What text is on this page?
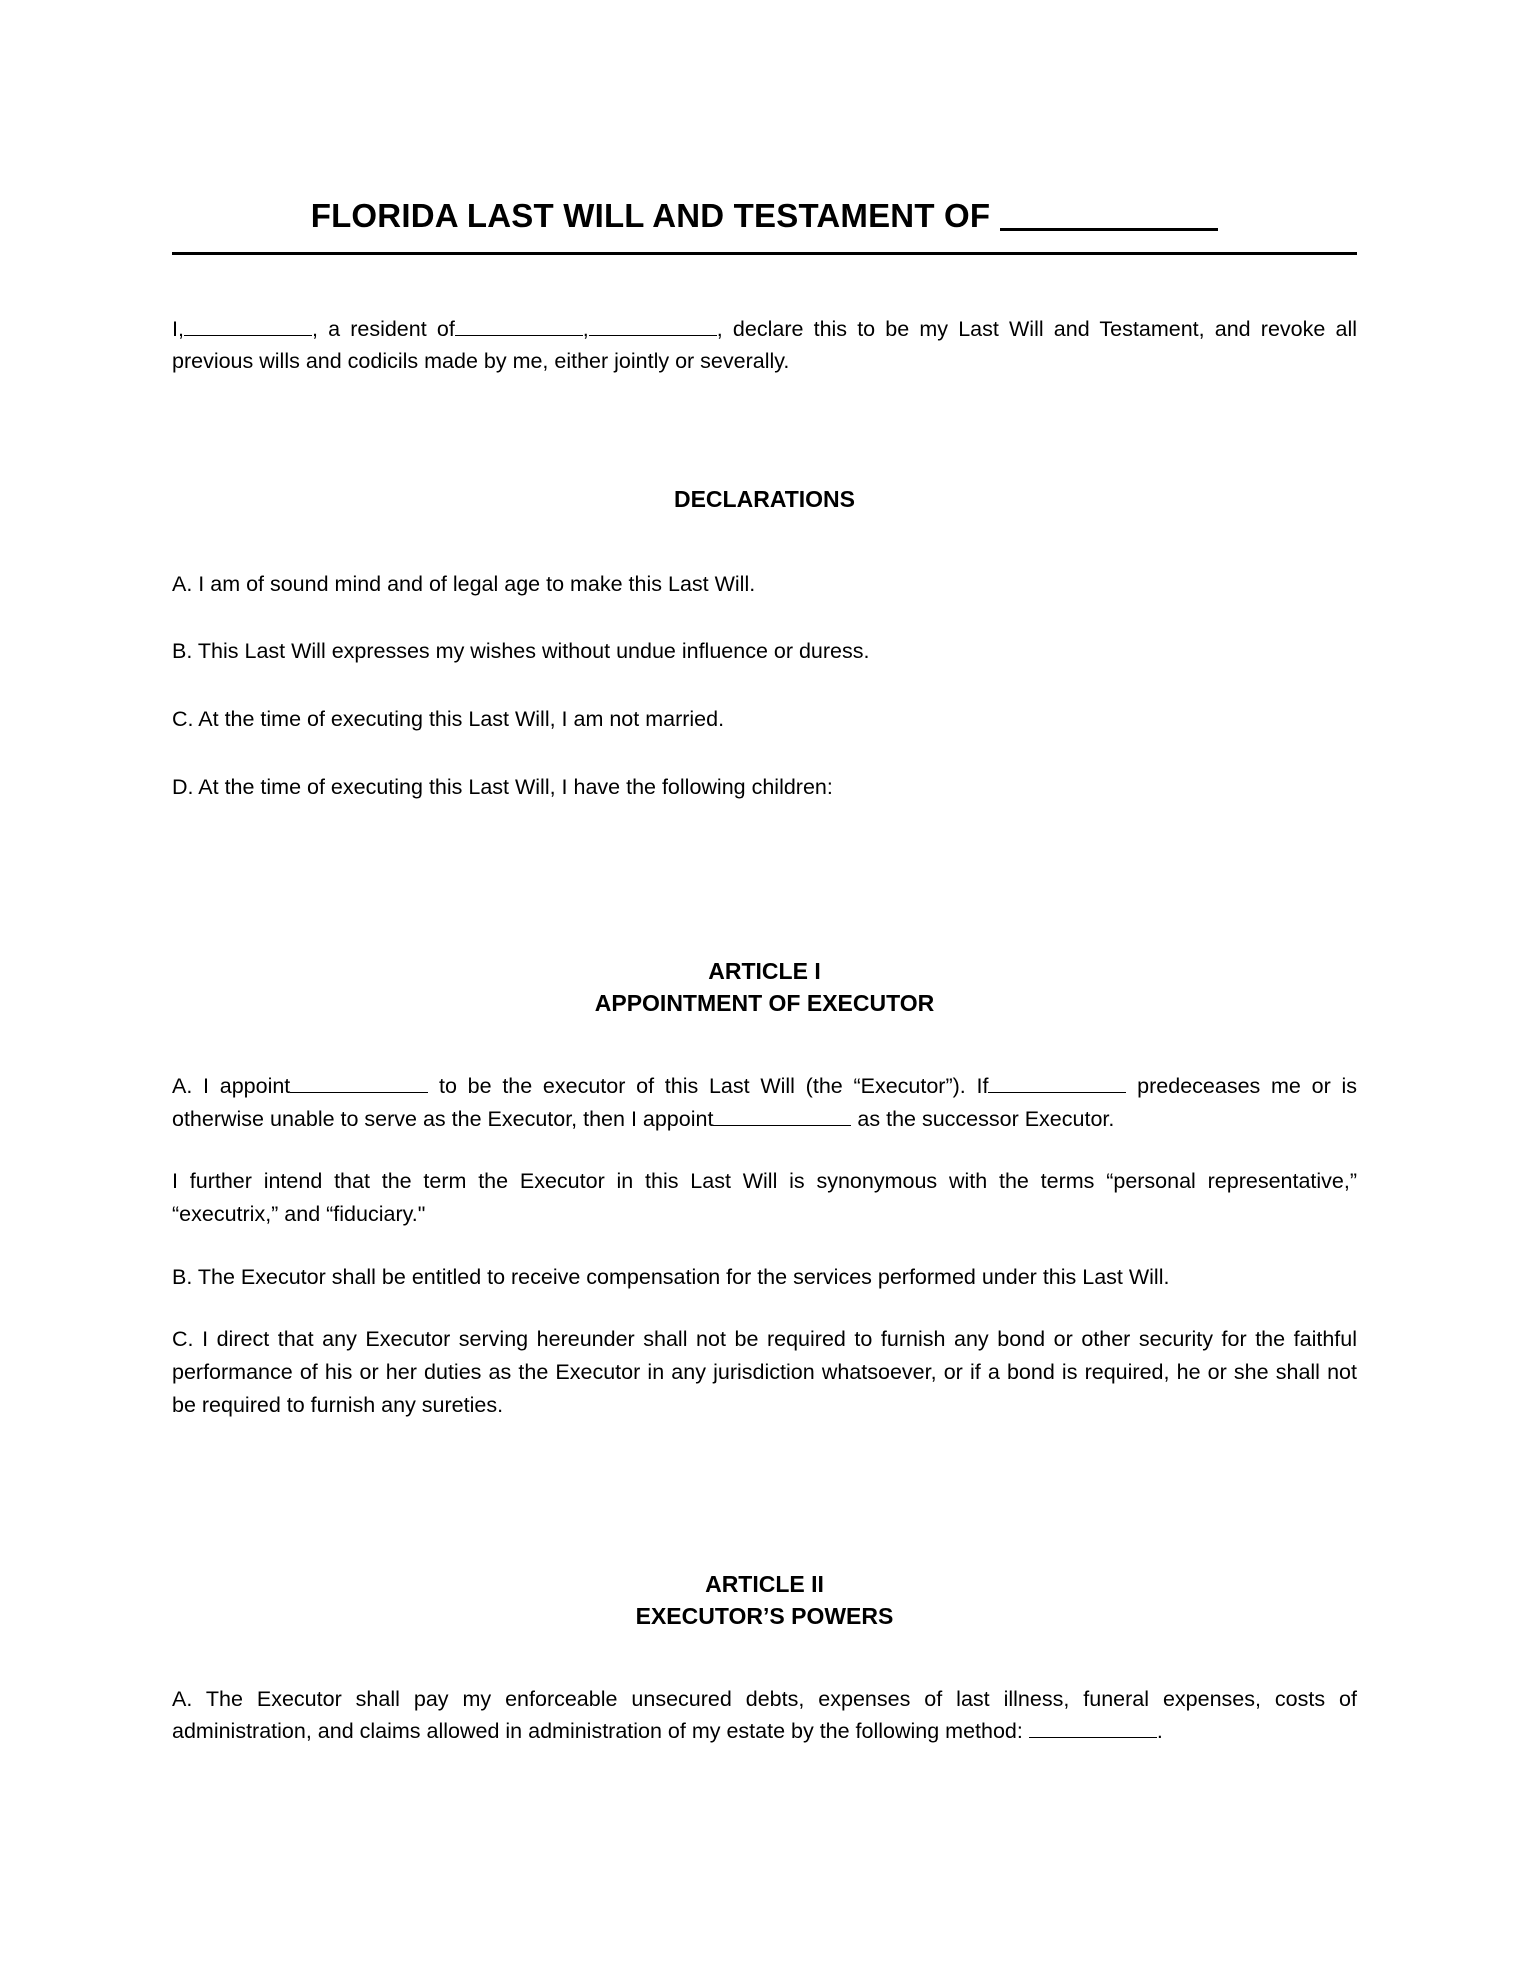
FLORIDA LAST WILL AND TESTAMENT OF

I,	, a resident of	,	, declare this to be my Last Will and Testament, and revoke all previous wills and codicils made by me, either jointly or severally.

DECLARATIONS

A. I am of sound mind and of legal age to make this Last Will.

B. This Last Will expresses my wishes without undue influence or duress.

C. At the time of executing this Last Will, I am not married.

D. At the time of executing this Last Will, I have the following children:

ARTICLE I
APPOINTMENT OF EXECUTOR

A. I appoint	to be the executor of this Last Will (the “Executor”). If	predeceases me or is otherwise unable to serve as the Executor, then I appoint	as the successor Executor.

I further intend that the term the Executor in this Last Will is synonymous with the terms “personal representative,” “executrix,” and “fiduciary."

B. The Executor shall be entitled to receive compensation for the services performed under this Last Will.

C. I direct that any Executor serving hereunder shall not be required to furnish any bond or other security for the faithful performance of his or her duties as the Executor in any jurisdiction whatsoever, or if a bond is required, he or she shall not be required to furnish any sureties.

ARTICLE II
EXECUTOR’S POWERS

A. The Executor shall pay my enforceable unsecured debts, expenses of last illness, funeral expenses, costs of administration, and claims allowed in administration of my estate by the following method:	.
